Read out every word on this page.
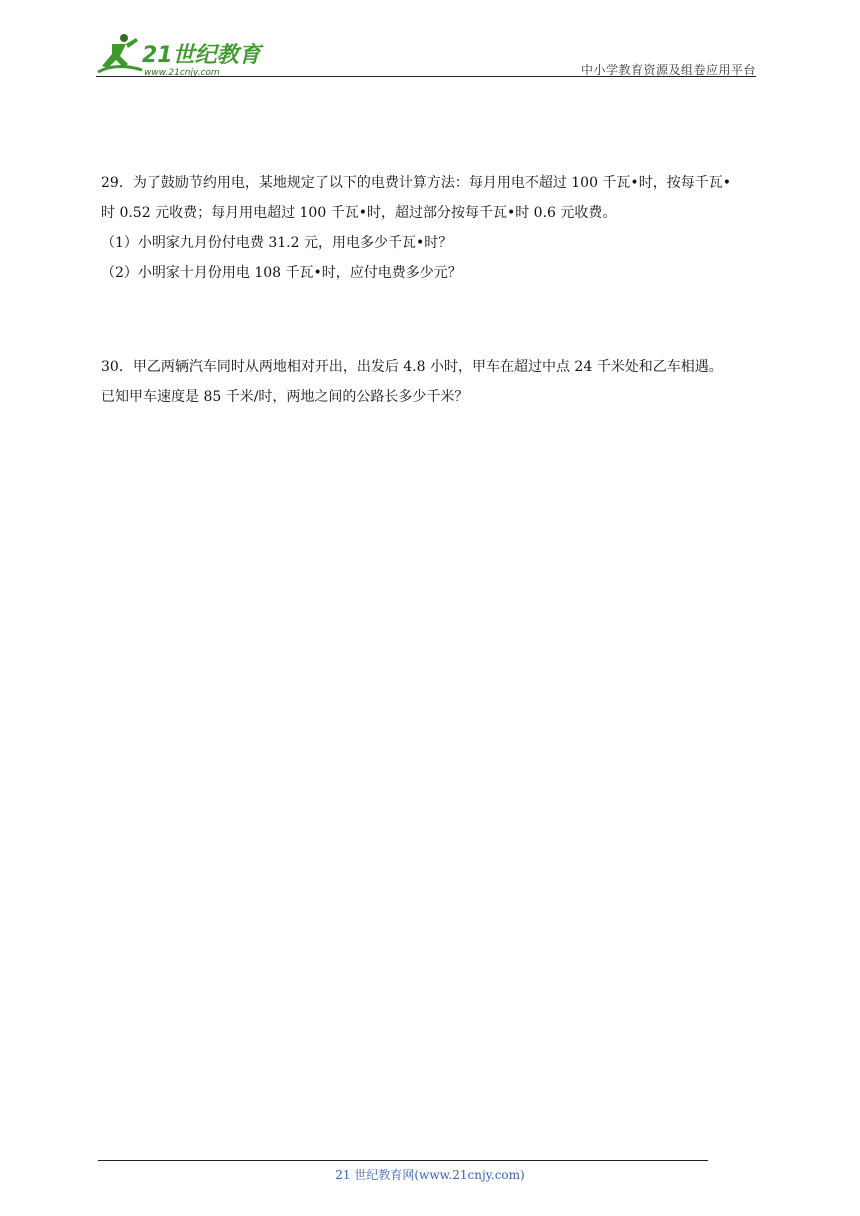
21世纪教育
www.21cnjy.com	中小学教育资源及组卷应用平台
29．为了鼓励节约用电，某地规定了以下的电费计算方法：每月用电不超过 100 千瓦•时，按每千瓦•
时 0.52 元收费；每月用电超过 100 千瓦•时，超过部分按每千瓦•时 0.6 元收费。
（1）小明家九月份付电费 31.2 元，用电多少千瓦•时？
（2）小明家十月份用电 108 千瓦•时，应付电费多少元？
30．甲乙两辆汽车同时从两地相对开出，出发后 4.8 小时，甲车在超过中点 24 千米处和乙车相遇。
已知甲车速度是 85 千米/时，两地之间的公路长多少千米？
21 世纪教育网(www.21cnjy.com)
